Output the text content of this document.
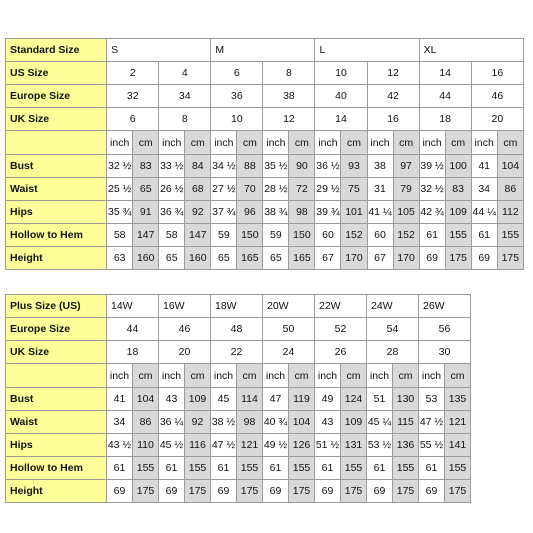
Standard Size	S				M				L				XL			
US Size	2		4		6		8		10		12		14		16	
Europe Size	32		34		36		38		40		42		44		46	
UK Size	6		8		10		12		14		16		18		20	
	inch	cm	inch	cm	inch	cm	inch	cm	inch	cm	inch	cm	inch	cm	inch	cm
Bust	32 ½	83	33 ½	84	34 ½	88	35 ½	90	36 ½	93	38	97	39 ½	100	41	104
Waist	25 ½	65	26 ½	68	27 ½	70	28 ½	72	29 ½	75	31	79	32 ½	83	34	86
Hips	35 ¾	91	36 ¾	92	37 ¾	96	38 ¾	98	39 ¾	101	41 ¼	105	42 ¾	109	44 ¼	112
Hollow to Hem	58	147	58	147	59	150	59	150	60	152	60	152	61	155	61	155
Height	63	160	65	160	65	165	65	165	67	170	67	170	69	175	69	175
Plus Size (US)	14W		16W		18W		20W		22W		24W		26W	
Europe Size	44		46		48		50		52		54		56	
UK Size	18		20		22		24		26		28		30	
	inch	cm	inch	cm	inch	cm	inch	cm	inch	cm	inch	cm	inch	cm
Bust	41	104	43	109	45	114	47	119	49	124	51	130	53	135
Waist	34	86	36 ¼	92	38 ½	98	40 ¾	104	43	109	45 ¼	115	47 ½	121
Hips	43 ½	110	45 ½	116	47 ½	121	49 ½	126	51 ½	131	53 ½	136	55 ½	141
Hollow to Hem	61	155	61	155	61	155	61	155	61	155	61	155	61	155
Height	69	175	69	175	69	175	69	175	69	175	69	175	69	175
